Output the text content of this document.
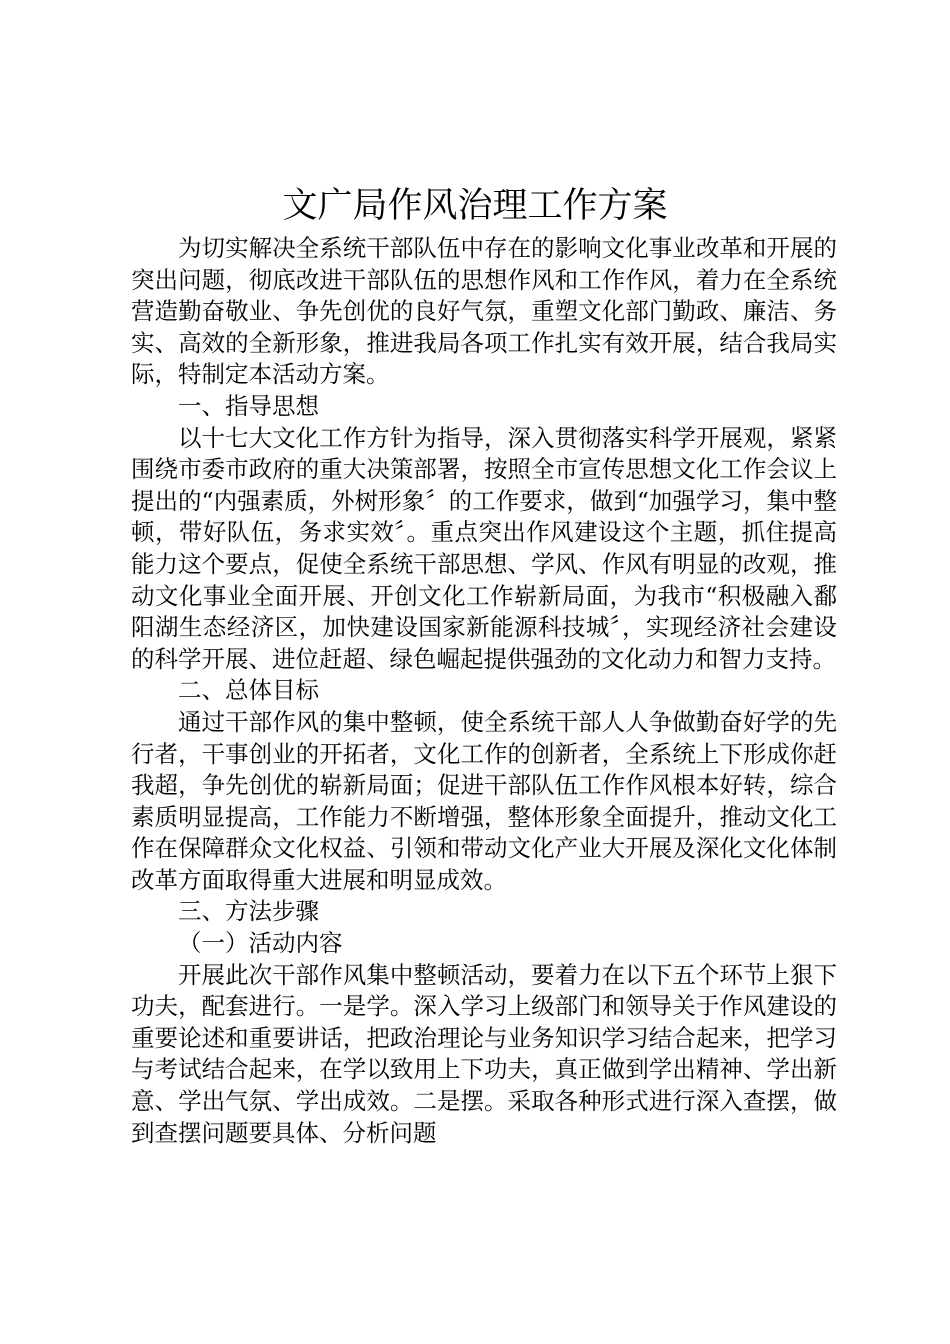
文广局作风治理工作方案

为切实解决全系统干部队伍中存在的影响文化事业改革和开展的突出问题，彻底改进干部队伍的思想作风和工作作风，着力在全系统营造勤奋敬业、争先创优的良好气氛，重塑文化部门勤政、廉洁、务实、高效的全新形象，推进我局各项工作扎实有效开展，结合我局实际，特制定本活动方案。

一、指导思想

以十七大文化工作方针为指导，深入贯彻落实科学开展观，紧紧围绕市委市政府的重大决策部署，按照全市宣传思想文化工作会议上提出的“内强素质，外树形象〞的工作要求，做到“加强学习，集中整顿，带好队伍，务求实效〞。重点突出作风建设这个主题，抓住提高能力这个要点，促使全系统干部思想、学风、作风有明显的改观，推动文化事业全面开展、开创文化工作崭新局面，为我市“积极融入鄱阳湖生态经济区，加快建设国家新能源科技城〞，实现经济社会建设的科学开展、进位赶超、绿色崛起提供强劲的文化动力和智力支持。

二、总体目标

通过干部作风的集中整顿，使全系统干部人人争做勤奋好学的先行者，干事创业的开拓者，文化工作的创新者，全系统上下形成你赶我超，争先创优的崭新局面；促进干部队伍工作作风根本好转，综合素质明显提高，工作能力不断增强，整体形象全面提升，推动文化工作在保障群众文化权益、引领和带动文化产业大开展及深化文化体制改革方面取得重大进展和明显成效。

三、方法步骤

（一）活动内容

开展此次干部作风集中整顿活动，要着力在以下五个环节上狠下功夫，配套进行。一是学。深入学习上级部门和领导关于作风建设的重要论述和重要讲话，把政治理论与业务知识学习结合起来，把学习与考试结合起来，在学以致用上下功夫，真正做到学出精神、学出新意、学出气氛、学出成效。二是摆。采取各种形式进行深入查摆，做到查摆问题要具体、分析问题
